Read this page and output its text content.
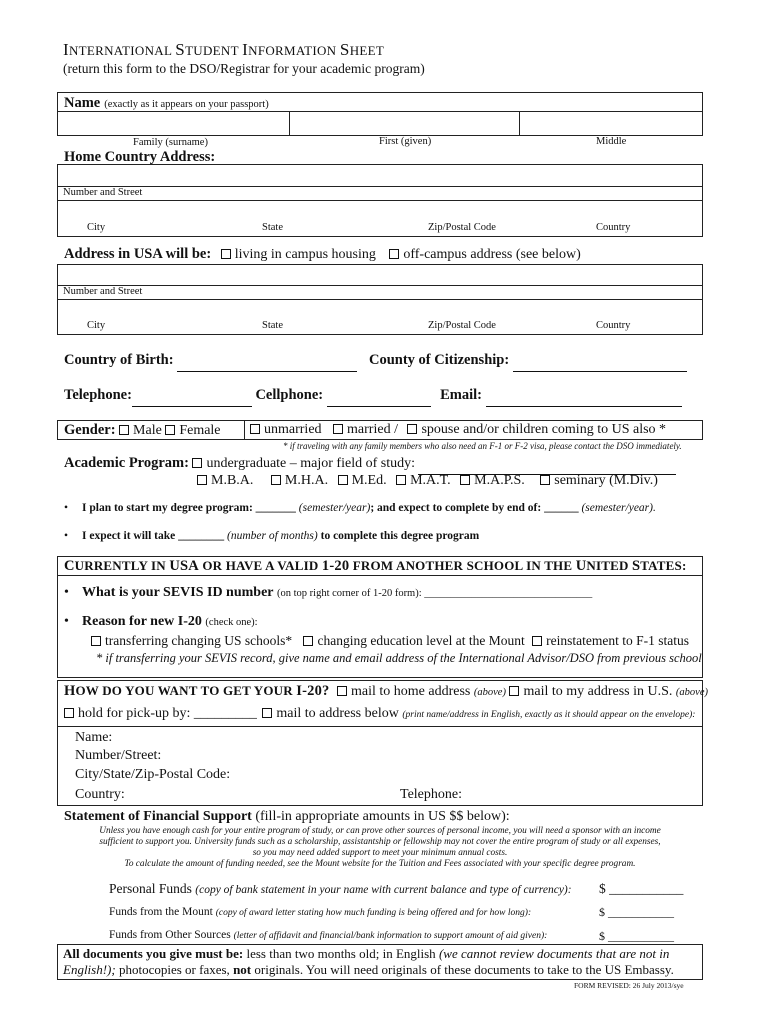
INTERNATIONAL STUDENT INFORMATION SHEET
(return this form to the DSO/Registrar for your academic program)
Name (exactly as it appears on your passport)
Family (surname)	First (given)	Middle
Home Country Address:
Number and Street
City	State	Zip/Postal Code	Country
Address in USA will be: living in campus housing off-campus address (see below)
Number and Street
City	State	Zip/Postal Code	Country
Country of Birth:	County of Citizenship:
Telephone:	Cellphone:	Email:
Gender: Male Female	unmarried married / spouse and/or children coming to US also *
* if traveling with any family members who also need an F-1 or F-2 visa, please contact the DSO immediately.
Academic Program: undergraduate – major field of study:
M.B.A. M.H.A. M.Ed. M.A.T. M.A.P.S. seminary (M.Div.)
• I plan to start my degree program: _______ (semester/year); and expect to complete by end of: ______ (semester/year).
• I expect it will take ________ (number of months) to complete this degree program
CURRENTLY IN USA OR HAVE A VALID 1-20 FROM ANOTHER SCHOOL IN THE UNITED STATES:
• What is your SEVIS ID number (on top right corner of 1-20 form): ________________________________
• Reason for new I-20 (check one):
transferring changing US schools* changing education level at the Mount reinstatement to F-1 status
* if transferring your SEVIS record, give name and email address of the International Advisor/DSO from previous school
HOW DO YOU WANT TO GET YOUR I-20? mail to home address (above) mail to my address in U.S. (above)
hold for pick-up by: _________ mail to address below (print name/address in English, exactly as it should appear on the envelope):
Name:
Number/Street:
City/State/Zip-Postal Code:
Country:	Telephone:
Statement of Financial Support (fill-in appropriate amounts in US $$ below):
Unless you have enough cash for your entire program of study, or can prove other sources of personal income, you will need a sponsor with an income
sufficient to support you. University funds such as a scholarship, assistantship or fellowship may not cover the entire program of study or all expenses,
so you may need added support to meet your minimum annual costs.
To calculate the amount of funding needed, see the Mount website for the Tuition and Fees associated with your specific degree program.
Personal Funds (copy of bank statement in your name with current balance and type of currency): $ ___________
Funds from the Mount (copy of award letter stating how much funding is being offered and for how long):	$ ___________
Funds from Other Sources (letter of affidavit and financial/bank information to support amount of aid given):	$ ___________
All documents you give must be: less than two months old; in English (we cannot review documents that are not in
English!); photocopies or faxes, not originals. You will need originals of these documents to take to the US Embassy.
FORM REVISED: 26 July 2013/sye
